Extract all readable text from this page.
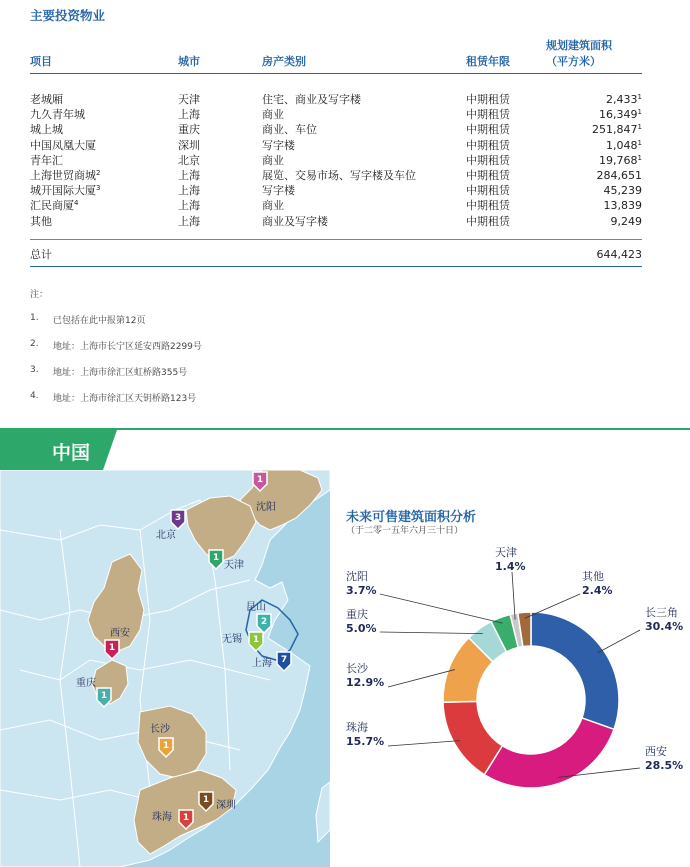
主要投资物业
项目	城市	房产类别	租赁年限	规划建筑面积
（平方米）

老城厢	天津	住宅、商业及写字楼	中期租赁	2,433$^1$
九久青年城	上海	商业	中期租赁	16,349$^1$
城上城	重庆	商业、车位	中期租赁	251,847$^1$
中国凤凰大厦	深圳	写字楼	中期租赁	1,048$^1$
青年汇	北京	商业	中期租赁	19,768$^1$
上海世贸商城$^2$	上海	展览、交易市场、写字楼及车位	中期租赁	284,651
城开国际大厦$^3$	上海	写字楼	中期租赁	45,239
汇民商厦$^4$	上海	商业	中期租赁	13,839
其他	上海	商业及写字楼	中期租赁	9,249
总计				644,423
注：
1.	已包括在此中报第12页
2.	地址：上海市长宁区延安西路2299号
3.	地址：上海市徐汇区虹桥路355号
4.	地址：上海市徐汇区天钥桥路123号
中国
3
北京
1
沈阳
1
天津
2
昆山
1
无锡
7
上海
1
西安
1
重庆
1
长沙
1 深圳
1
珠海
未来可售建筑面积分析
（于二零一五年六月三十日）
长三角
30.4%
西安
28.5%
珠海
15.7%
长沙
12.9%
重庆
5.0%
沈阳
3.7%
天津
1.4%
其他
2.4%
